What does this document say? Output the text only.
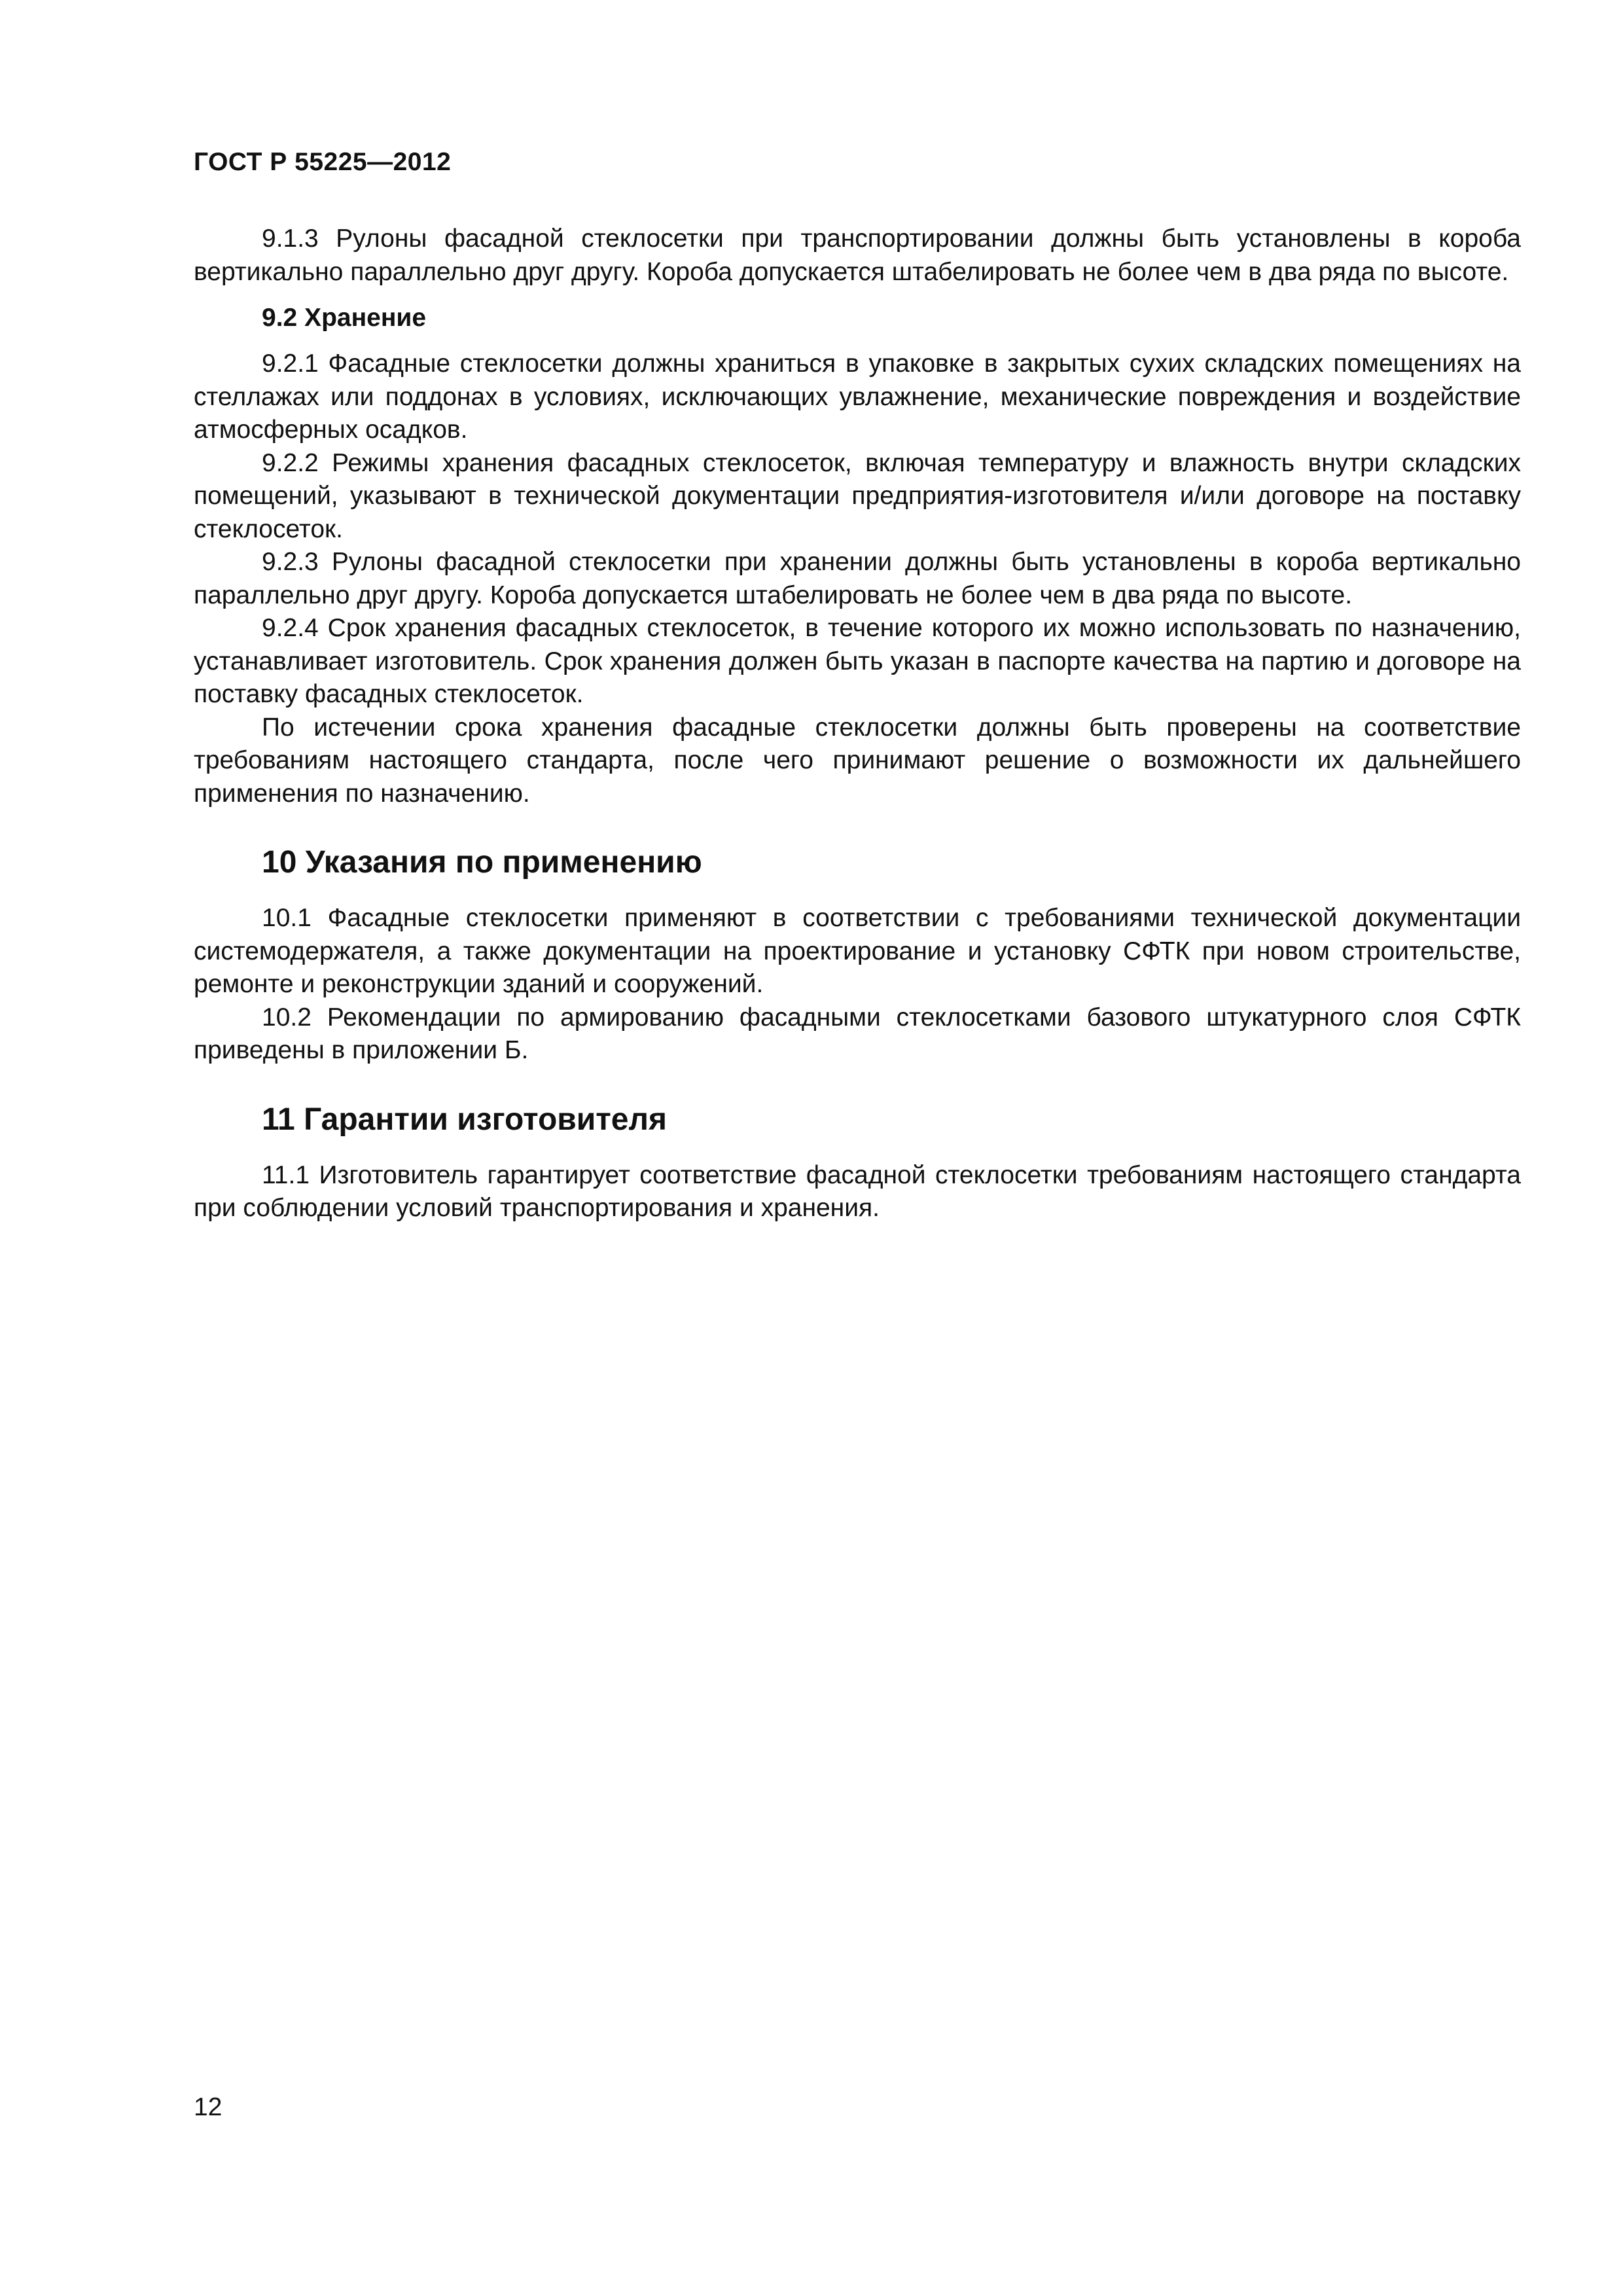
ГОСТ Р 55225—2012

9.1.3 Рулоны фасадной стеклосетки при транспортировании должны быть установлены в короба вертикально параллельно друг другу. Короба допускается штабелировать не более чем в два ряда по высоте.

9.2 Хранение

9.2.1 Фасадные стеклосетки должны храниться в упаковке в закрытых сухих складских помещениях на стеллажах или поддонах в условиях, исключающих увлажнение, механические повреждения и воздействие атмосферных осадков.

9.2.2 Режимы хранения фасадных стеклосеток, включая температуру и влажность внутри складских помещений, указывают в технической документации предприятия-изготовителя и/или договоре на поставку стеклосеток.

9.2.3 Рулоны фасадной стеклосетки при хранении должны быть установлены в короба вертикально параллельно друг другу. Короба допускается штабелировать не более чем в два ряда по высоте.

9.2.4 Срок хранения фасадных стеклосеток, в течение которого их можно использовать по назначению, устанавливает изготовитель. Срок хранения должен быть указан в паспорте качества на партию и договоре на поставку фасадных стеклосеток.

По истечении срока хранения фасадные стеклосетки должны быть проверены на соответствие требованиям настоящего стандарта, после чего принимают решение о возможности их дальнейшего применения по назначению.

10 Указания по применению

10.1 Фасадные стеклосетки применяют в соответствии с требованиями технической документации системодержателя, а также документации на проектирование и установку СФТК при новом строительстве, ремонте и реконструкции зданий и сооружений.

10.2 Рекомендации по армированию фасадными стеклосетками базового штукатурного слоя СФТК приведены в приложении Б.

11 Гарантии изготовителя

11.1 Изготовитель гарантирует соответствие фасадной стеклосетки требованиям настоящего стандарта при соблюдении условий транспортирования и хранения.

12
